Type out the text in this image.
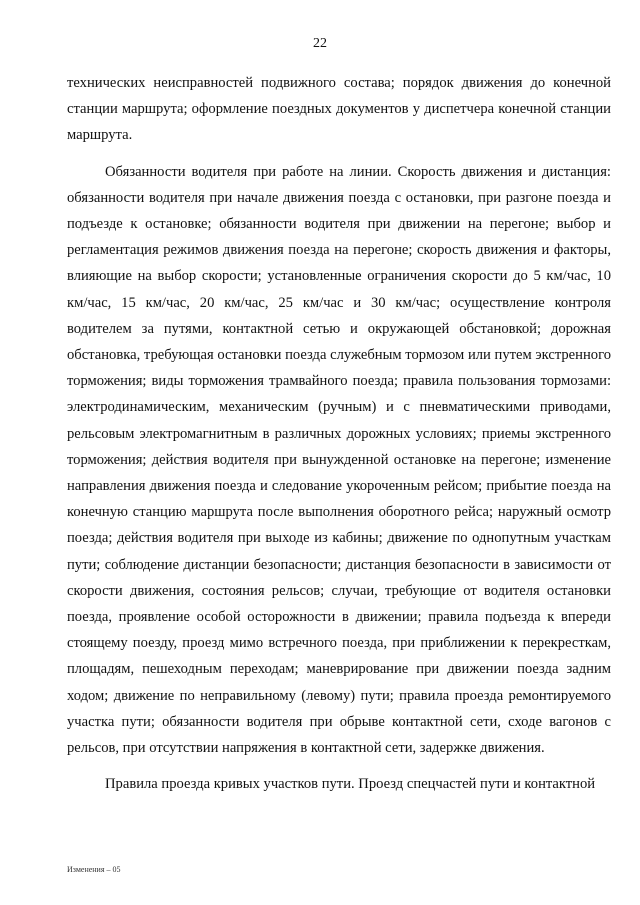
22

технических неисправностей подвижного состава; порядок движения до конечной станции маршрута; оформление поездных документов у диспетчера конечной станции маршрута.

Обязанности водителя при работе на линии. Скорость движения и дистанция: обязанности водителя при начале движения поезда с остановки, при разгоне поезда и подъезде к остановке; обязанности водителя при движении на перегоне; выбор и регламентация режимов движения поезда на перегоне; скорость движения и факторы, влияющие на выбор скорости; установленные ограничения скорости до 5 км/час, 10 км/час, 15 км/час, 20 км/час, 25 км/час и 30 км/час; осуществление контроля водителем за путями, контактной сетью и окружающей обстановкой; дорожная обстановка, требующая остановки поезда служебным тормозом или путем экстренного торможения; виды торможения трамвайного поезда; правила пользования тормозами: электродинамическим, механическим (ручным) и с пневматическими приводами, рельсовым электромагнитным в различных дорожных условиях; приемы экстренного торможения; действия водителя при вынужденной остановке на перегоне; изменение направления движения поезда и следование укороченным рейсом; прибытие поезда на конечную станцию маршрута после выполнения оборотного рейса; наружный осмотр поезда; действия водителя при выходе из кабины; движение по однопутным участкам пути; соблюдение дистанции безопасности; дистанция безопасности в зависимости от скорости движения, состояния рельсов; случаи, требующие от водителя остановки поезда, проявление особой осторожности в движении; правила подъезда к впереди стоящему поезду, проезд мимо встречного поезда, при приближении к перекресткам, площадям, пешеходным переходам; маневрирование при движении поезда задним ходом; движение по неправильному (левому) пути; правила проезда ремонтируемого участка пути; обязанности водителя при обрыве контактной сети, сходе вагонов с рельсов, при отсутствии напряжения в контактной сети, задержке движения.

Правила проезда кривых участков пути. Проезд спецчастей пути и контактной

Изменения – 05
